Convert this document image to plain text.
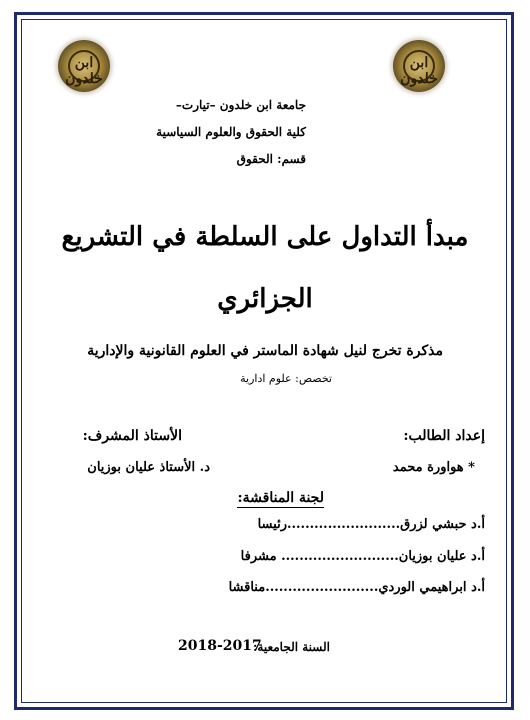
ابن خلدون
ابن خلدون
جامعة ابن خلدون –تيارت–
كلية الحقوق والعلوم السياسية
قسم: الحقوق
مبدأ التداول على السلطة في التشريع
الجزائري
مذكرة تخرج لنيل شهادة الماستر في العلوم القانونية والإدارية
تخصص: علوم ادارية
إعداد الطالب:
الأستاذ المشرف:
* هواورة محمد
د. الأستاذ عليان بوزيان
لجنة المناقشة:
أ.د حبشي لزرق.........................رئيسا
أ.د عليان بوزيان.......................... مشرفا
أ.د ابراهيمي الوردي.........................مناقشا
السنة الجامعية:
2018-2017
